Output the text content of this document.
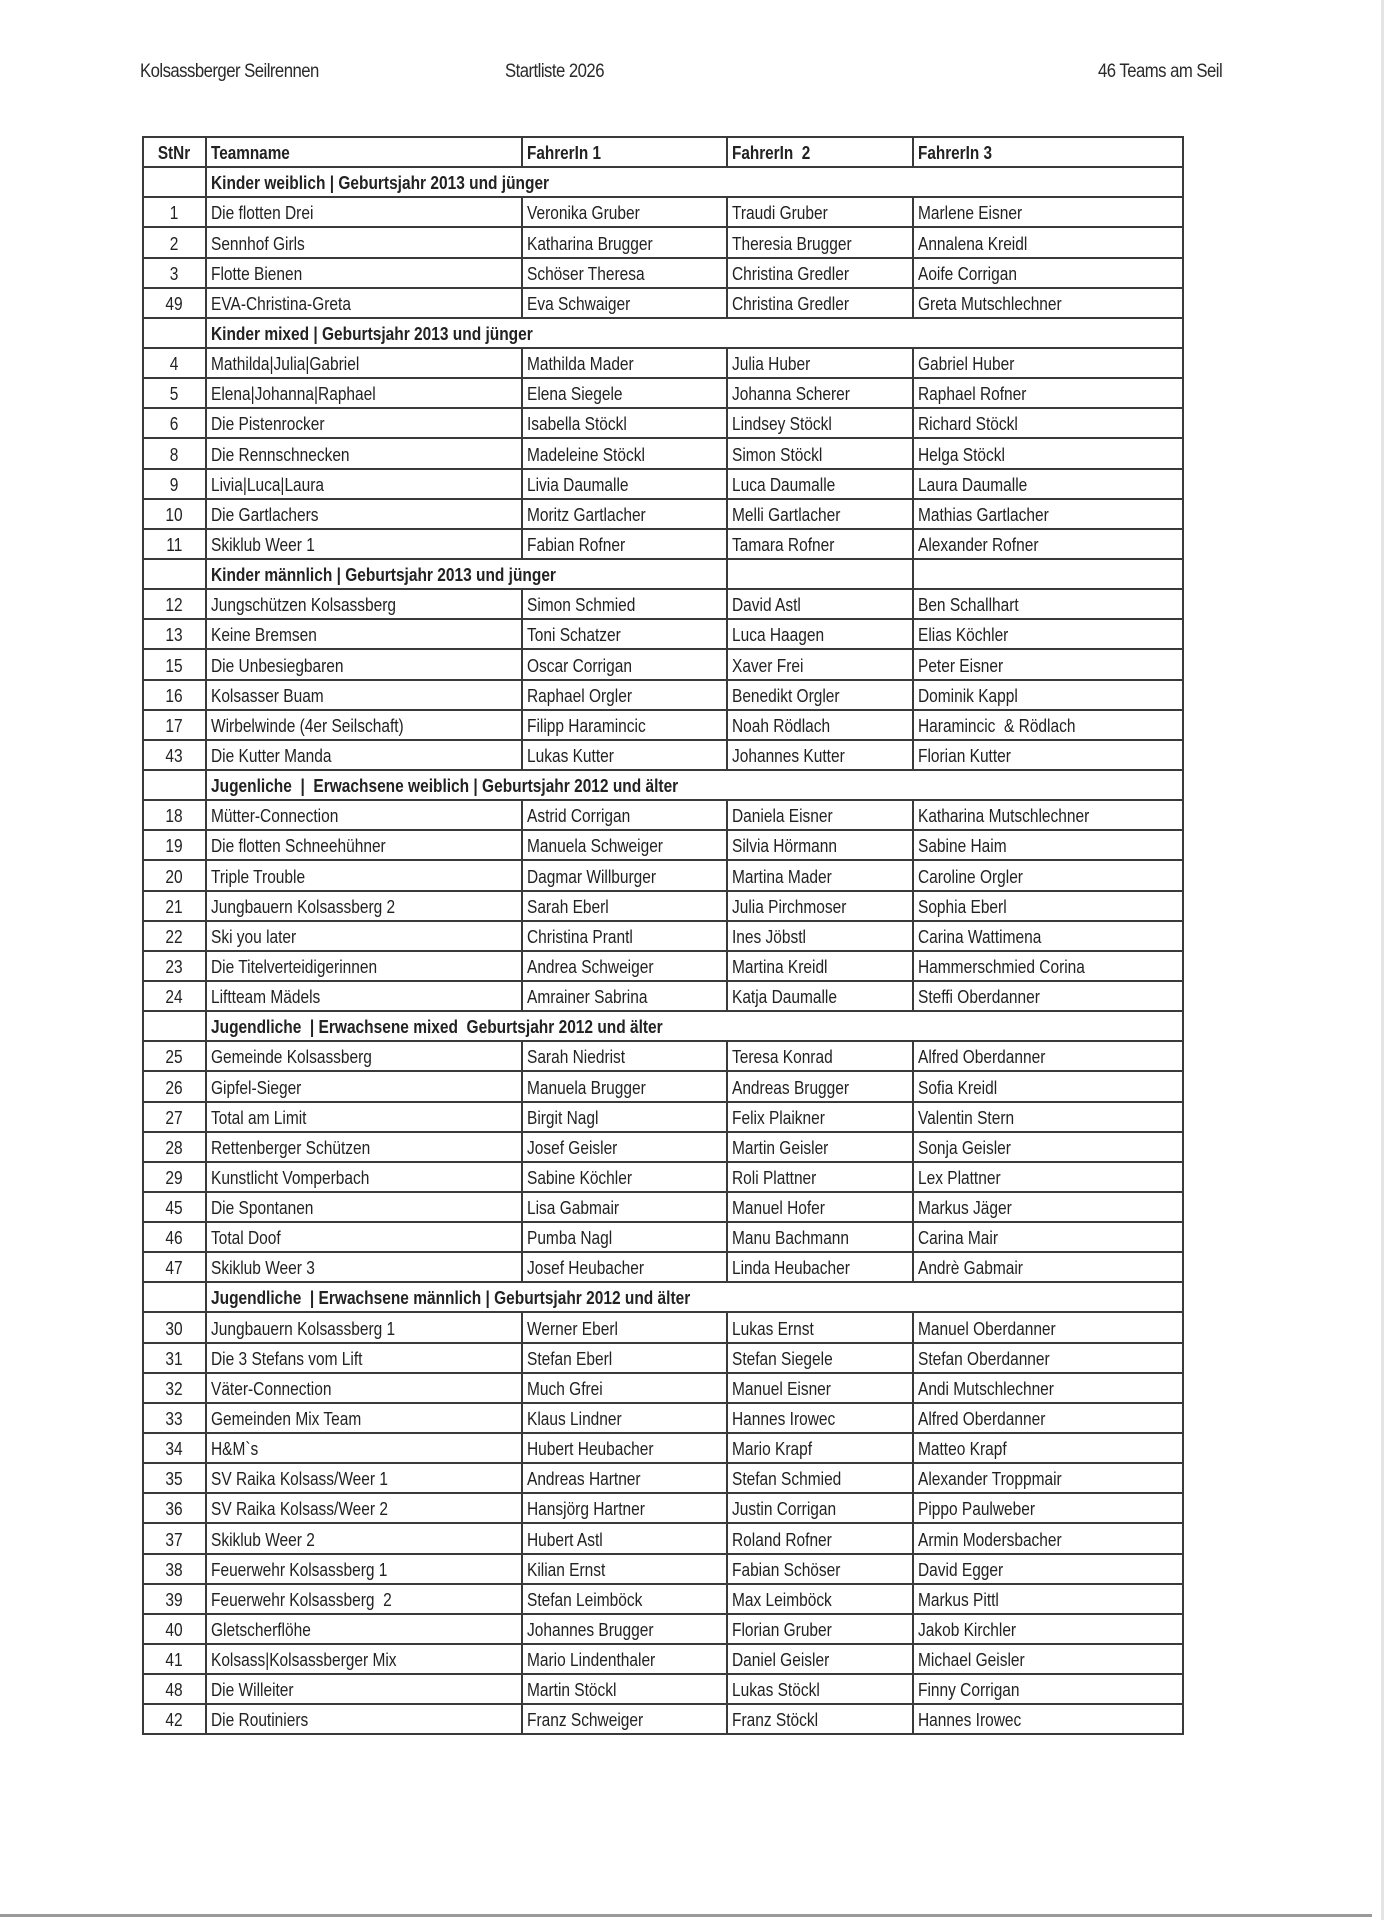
Kolsassberger Seilrennen	Startliste 2026	46 Teams am Seil
StNr	Teamname	FahrerIn 1	FahrerIn  2	FahrerIn 3
	Kinder weiblich | Geburtsjahr 2013 und jünger			
1	Die flotten Drei	Veronika Gruber	Traudi Gruber	Marlene Eisner
2	Sennhof Girls	Katharina Brugger	Theresia Brugger	Annalena Kreidl
3	Flotte Bienen	Schöser Theresa	Christina Gredler	Aoife Corrigan
49	EVA-Christina-Greta	Eva Schwaiger	Christina Gredler	Greta Mutschlechner
	Kinder mixed | Geburtsjahr 2013 und jünger			
4	Mathilda|Julia|Gabriel	Mathilda Mader	Julia Huber	Gabriel Huber
5	Elena|Johanna|Raphael	Elena Siegele	Johanna Scherer	Raphael Rofner
6	Die Pistenrocker	Isabella Stöckl	Lindsey Stöckl	Richard Stöckl
8	Die Rennschnecken	Madeleine Stöckl	Simon Stöckl	Helga Stöckl
9	Livia|Luca|Laura	Livia Daumalle	Luca Daumalle	Laura Daumalle
10	Die Gartlachers	Moritz Gartlacher	Melli Gartlacher	Mathias Gartlacher
11	Skiklub Weer 1	Fabian Rofner	Tamara Rofner	Alexander Rofner
	Kinder männlich | Geburtsjahr 2013 und jünger			
12	Jungschützen Kolsassberg	Simon Schmied	David Astl	Ben Schallhart
13	Keine Bremsen	Toni Schatzer	Luca Haagen	Elias Köchler
15	Die Unbesiegbaren	Oscar Corrigan	Xaver Frei	Peter Eisner
16	Kolsasser Buam	Raphael Orgler	Benedikt Orgler	Dominik Kappl
17	Wirbelwinde (4er Seilschaft)	Filipp Haramincic	Noah Rödlach	Haramincic  & Rödlach
43	Die Kutter Manda	Lukas Kutter	Johannes Kutter	Florian Kutter
	Jugenliche  |  Erwachsene weiblich | Geburtsjahr 2012 und älter			
18	Mütter-Connection	Astrid Corrigan	Daniela Eisner	Katharina Mutschlechner
19	Die flotten Schneehühner	Manuela Schweiger	Silvia Hörmann	Sabine Haim
20	Triple Trouble	Dagmar Willburger	Martina Mader	Caroline Orgler
21	Jungbauern Kolsassberg 2	Sarah Eberl	Julia Pirchmoser	Sophia Eberl
22	Ski you later	Christina Prantl	Ines Jöbstl	Carina Wattimena
23	Die Titelverteidigerinnen	Andrea Schweiger	Martina Kreidl	Hammerschmied Corina
24	Liftteam Mädels	Amrainer Sabrina	Katja Daumalle	Steffi Oberdanner
	Jugendliche  | Erwachsene mixed  Geburtsjahr 2012 und älter			
25	Gemeinde Kolsassberg	Sarah Niedrist	Teresa Konrad	Alfred Oberdanner
26	Gipfel-Sieger	Manuela Brugger	Andreas Brugger	Sofia Kreidl
27	Total am Limit	Birgit Nagl	Felix Plaikner	Valentin Stern
28	Rettenberger Schützen	Josef Geisler	Martin Geisler	Sonja Geisler
29	Kunstlicht Vomperbach	Sabine Köchler	Roli Plattner	Lex Plattner
45	Die Spontanen	Lisa Gabmair	Manuel Hofer	Markus Jäger
46	Total Doof	Pumba Nagl	Manu Bachmann	Carina Mair
47	Skiklub Weer 3	Josef Heubacher	Linda Heubacher	Andrè Gabmair
	Jugendliche  | Erwachsene männlich | Geburtsjahr 2012 und älter			
30	Jungbauern Kolsassberg 1	Werner Eberl	Lukas Ernst	Manuel Oberdanner
31	Die 3 Stefans vom Lift	Stefan Eberl	Stefan Siegele	Stefan Oberdanner
32	Väter-Connection	Much Gfrei	Manuel Eisner	Andi Mutschlechner
33	Gemeinden Mix Team	Klaus Lindner	Hannes Irowec	Alfred Oberdanner
34	H&M`s	Hubert Heubacher	Mario Krapf	Matteo Krapf
35	SV Raika Kolsass/Weer 1	Andreas Hartner	Stefan Schmied	Alexander Troppmair
36	SV Raika Kolsass/Weer 2	Hansjörg Hartner	Justin Corrigan	Pippo Paulweber
37	Skiklub Weer 2	Hubert Astl	Roland Rofner	Armin Modersbacher
38	Feuerwehr Kolsassberg 1	Kilian Ernst	Fabian Schöser	David Egger
39	Feuerwehr Kolsassberg  2	Stefan Leimböck	Max Leimböck	Markus Pittl
40	Gletscherflöhe	Johannes Brugger	Florian Gruber	Jakob Kirchler
41	Kolsass|Kolsassberger Mix	Mario Lindenthaler	Daniel Geisler	Michael Geisler
48	Die Willeiter	Martin Stöckl	Lukas Stöckl	Finny Corrigan
42	Die Routiniers	Franz Schweiger	Franz Stöckl	Hannes Irowec
